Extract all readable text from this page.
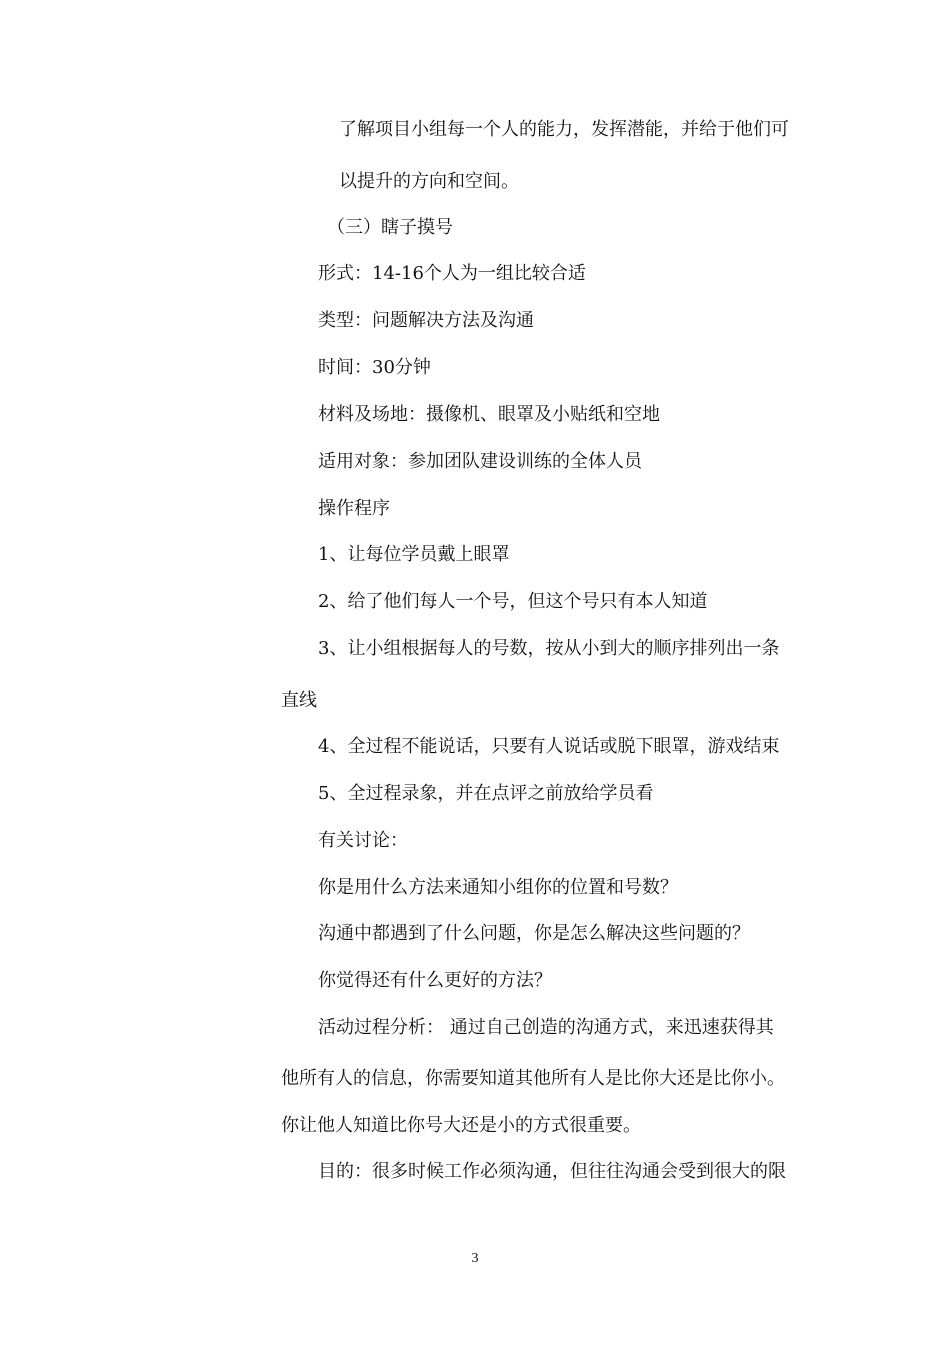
了解项目小组每一个人的能力，发挥潜能，并给于他们可
以提升的方向和空间。
（三）瞎子摸号
形式：14-16个人为一组比较合适
类型：问题解决方法及沟通
时间：30分钟
材料及场地：摄像机、眼罩及小贴纸和空地
适用对象：参加团队建设训练的全体人员
操作程序
1、让每位学员戴上眼罩
2、给了他们每人一个号，但这个号只有本人知道
3、让小组根据每人的号数，按从小到大的顺序排列出一条
直线
4、全过程不能说话，只要有人说话或脱下眼罩，游戏结束
5、全过程录象，并在点评之前放给学员看
有关讨论：
你是用什么方法来通知小组你的位置和号数？
沟通中都遇到了什么问题，你是怎么解决这些问题的？
你觉得还有什么更好的方法？
活动过程分析： 通过自己创造的沟通方式，来迅速获得其
他所有人的信息，你需要知道其他所有人是比你大还是比你小。
你让他人知道比你号大还是小的方式很重要。
目的：很多时候工作必须沟通，但往往沟通会受到很大的限
3
